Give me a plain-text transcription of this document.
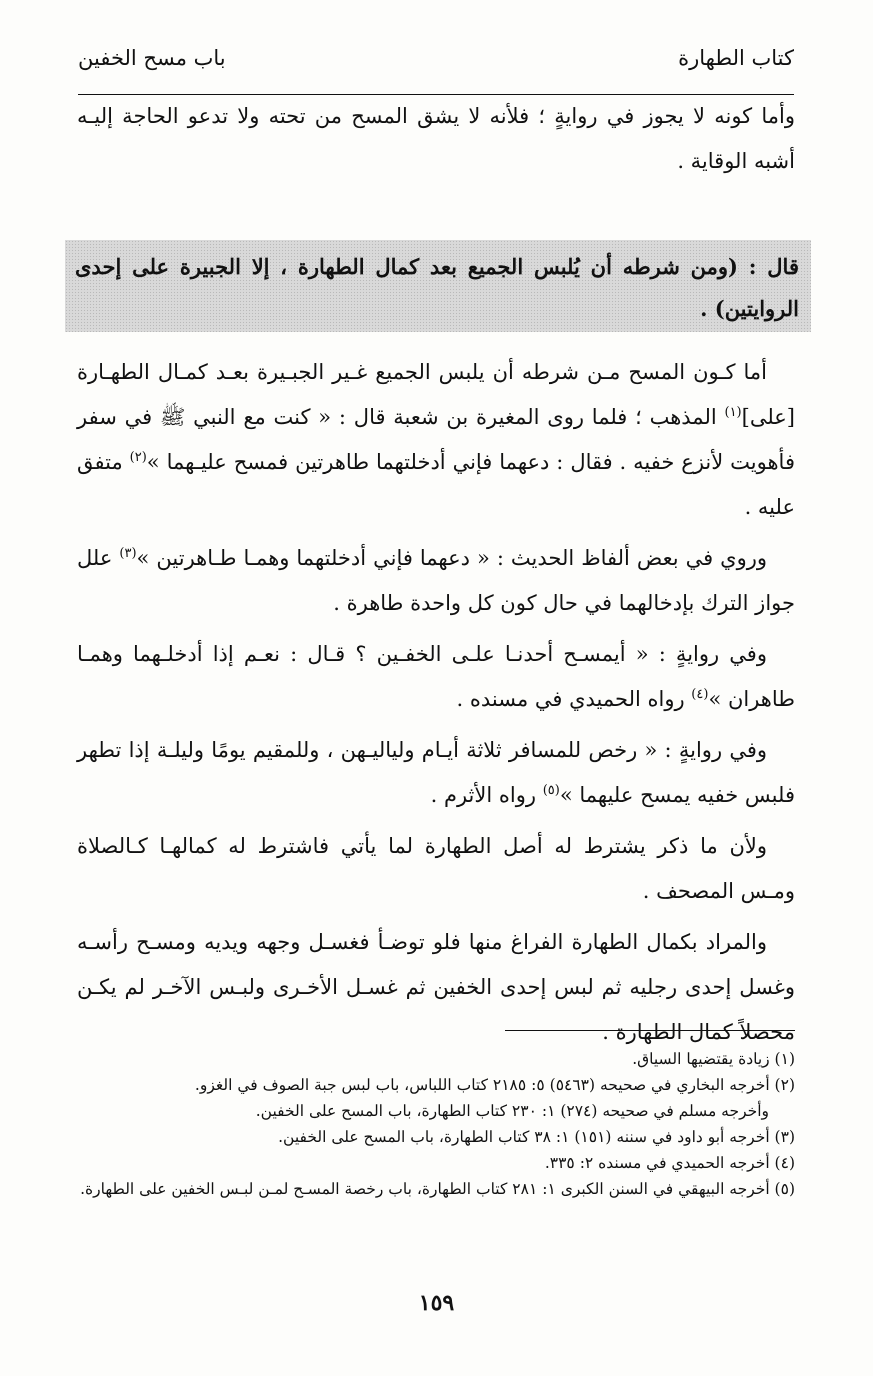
كتاب الطهارة
باب مسح الخفين
وأما كونه لا يجوز في روايةٍ ؛ فلأنه لا يشق المسح من تحته ولا تدعو الحاجة إليـه أشبه الوقاية .
قال : (ومن شرطه أن يُلبس الجميع بعد كمال الطهارة ، إلا الجبيرة على إحدى الروايتين) .

أما كـون المسح مـن شرطه أن يلبس الجميع غـير الجبـيرة بعـد كمـال الطهـارة [على]$^{(١)}$ المذهب ؛ فلما روى المغيرة بن شعبة قال : « كنت مع النبي ﷺ في سفر فأهويت لأنزع خفيه . فقال : دعهما فإني أدخلتهما طاهرتين فمسح عليـهما »$^{(٢)}$ متفق عليه .

وروي في بعض ألفاظ الحديث : « دعهما فإني أدخلتهما وهمـا طـاهرتين »$^{(٣)}$ علل جواز الترك بإدخالهما في حال كون كل واحدة طاهرة .

وفي روايةٍ : « أيمسـح أحدنـا علـى الخفـين ؟ قـال : نعـم إذا أدخلـهما وهمـا طاهران »$^{(٤)}$ رواه الحميدي في مسنده .

وفي روايةٍ : « رخص للمسافر ثلاثة أيـام ولياليـهن ، وللمقيم يومًا وليلـة إذا تطهر فلبس خفيه يمسح عليهما »$^{(٥)}$ رواه الأثرم .

ولأن ما ذكر يشترط له أصل الطهارة لما يأتي فاشترط له كمالهـا كـالصلاة ومـس المصحف .

والمراد بكمال الطهارة الفراغ منها فلو توضـأ فغسـل وجهه ويديه ومسـح رأسـه وغسل إحدى رجليه ثم لبس إحدى الخفين ثم غسـل الأخـرى ولبـس الآخـر لم يكـن محصلاً كمال الطهارة .

(١) زيادة يقتضيها السياق.
(٢) أخرجه البخاري في صحيحه (٥٤٦٣) ٥: ٢١٨٥ كتاب اللباس، باب لبس جبة الصوف في الغزو.
وأخرجه مسلم في صحيحه (٢٧٤) ١: ٢٣٠ كتاب الطهارة، باب المسح على الخفين.
(٣) أخرجه أبو داود في سننه (١٥١) ١: ٣٨ كتاب الطهارة، باب المسح على الخفين.
(٤) أخرجه الحميدي في مسنده ٢: ٣٣٥.
(٥) أخرجه البيهقي في السنن الكبرى ١: ٢٨١ كتاب الطهارة، باب رخصة المسـح لمـن لبـس الخفين على الطهارة.
١٥٩
